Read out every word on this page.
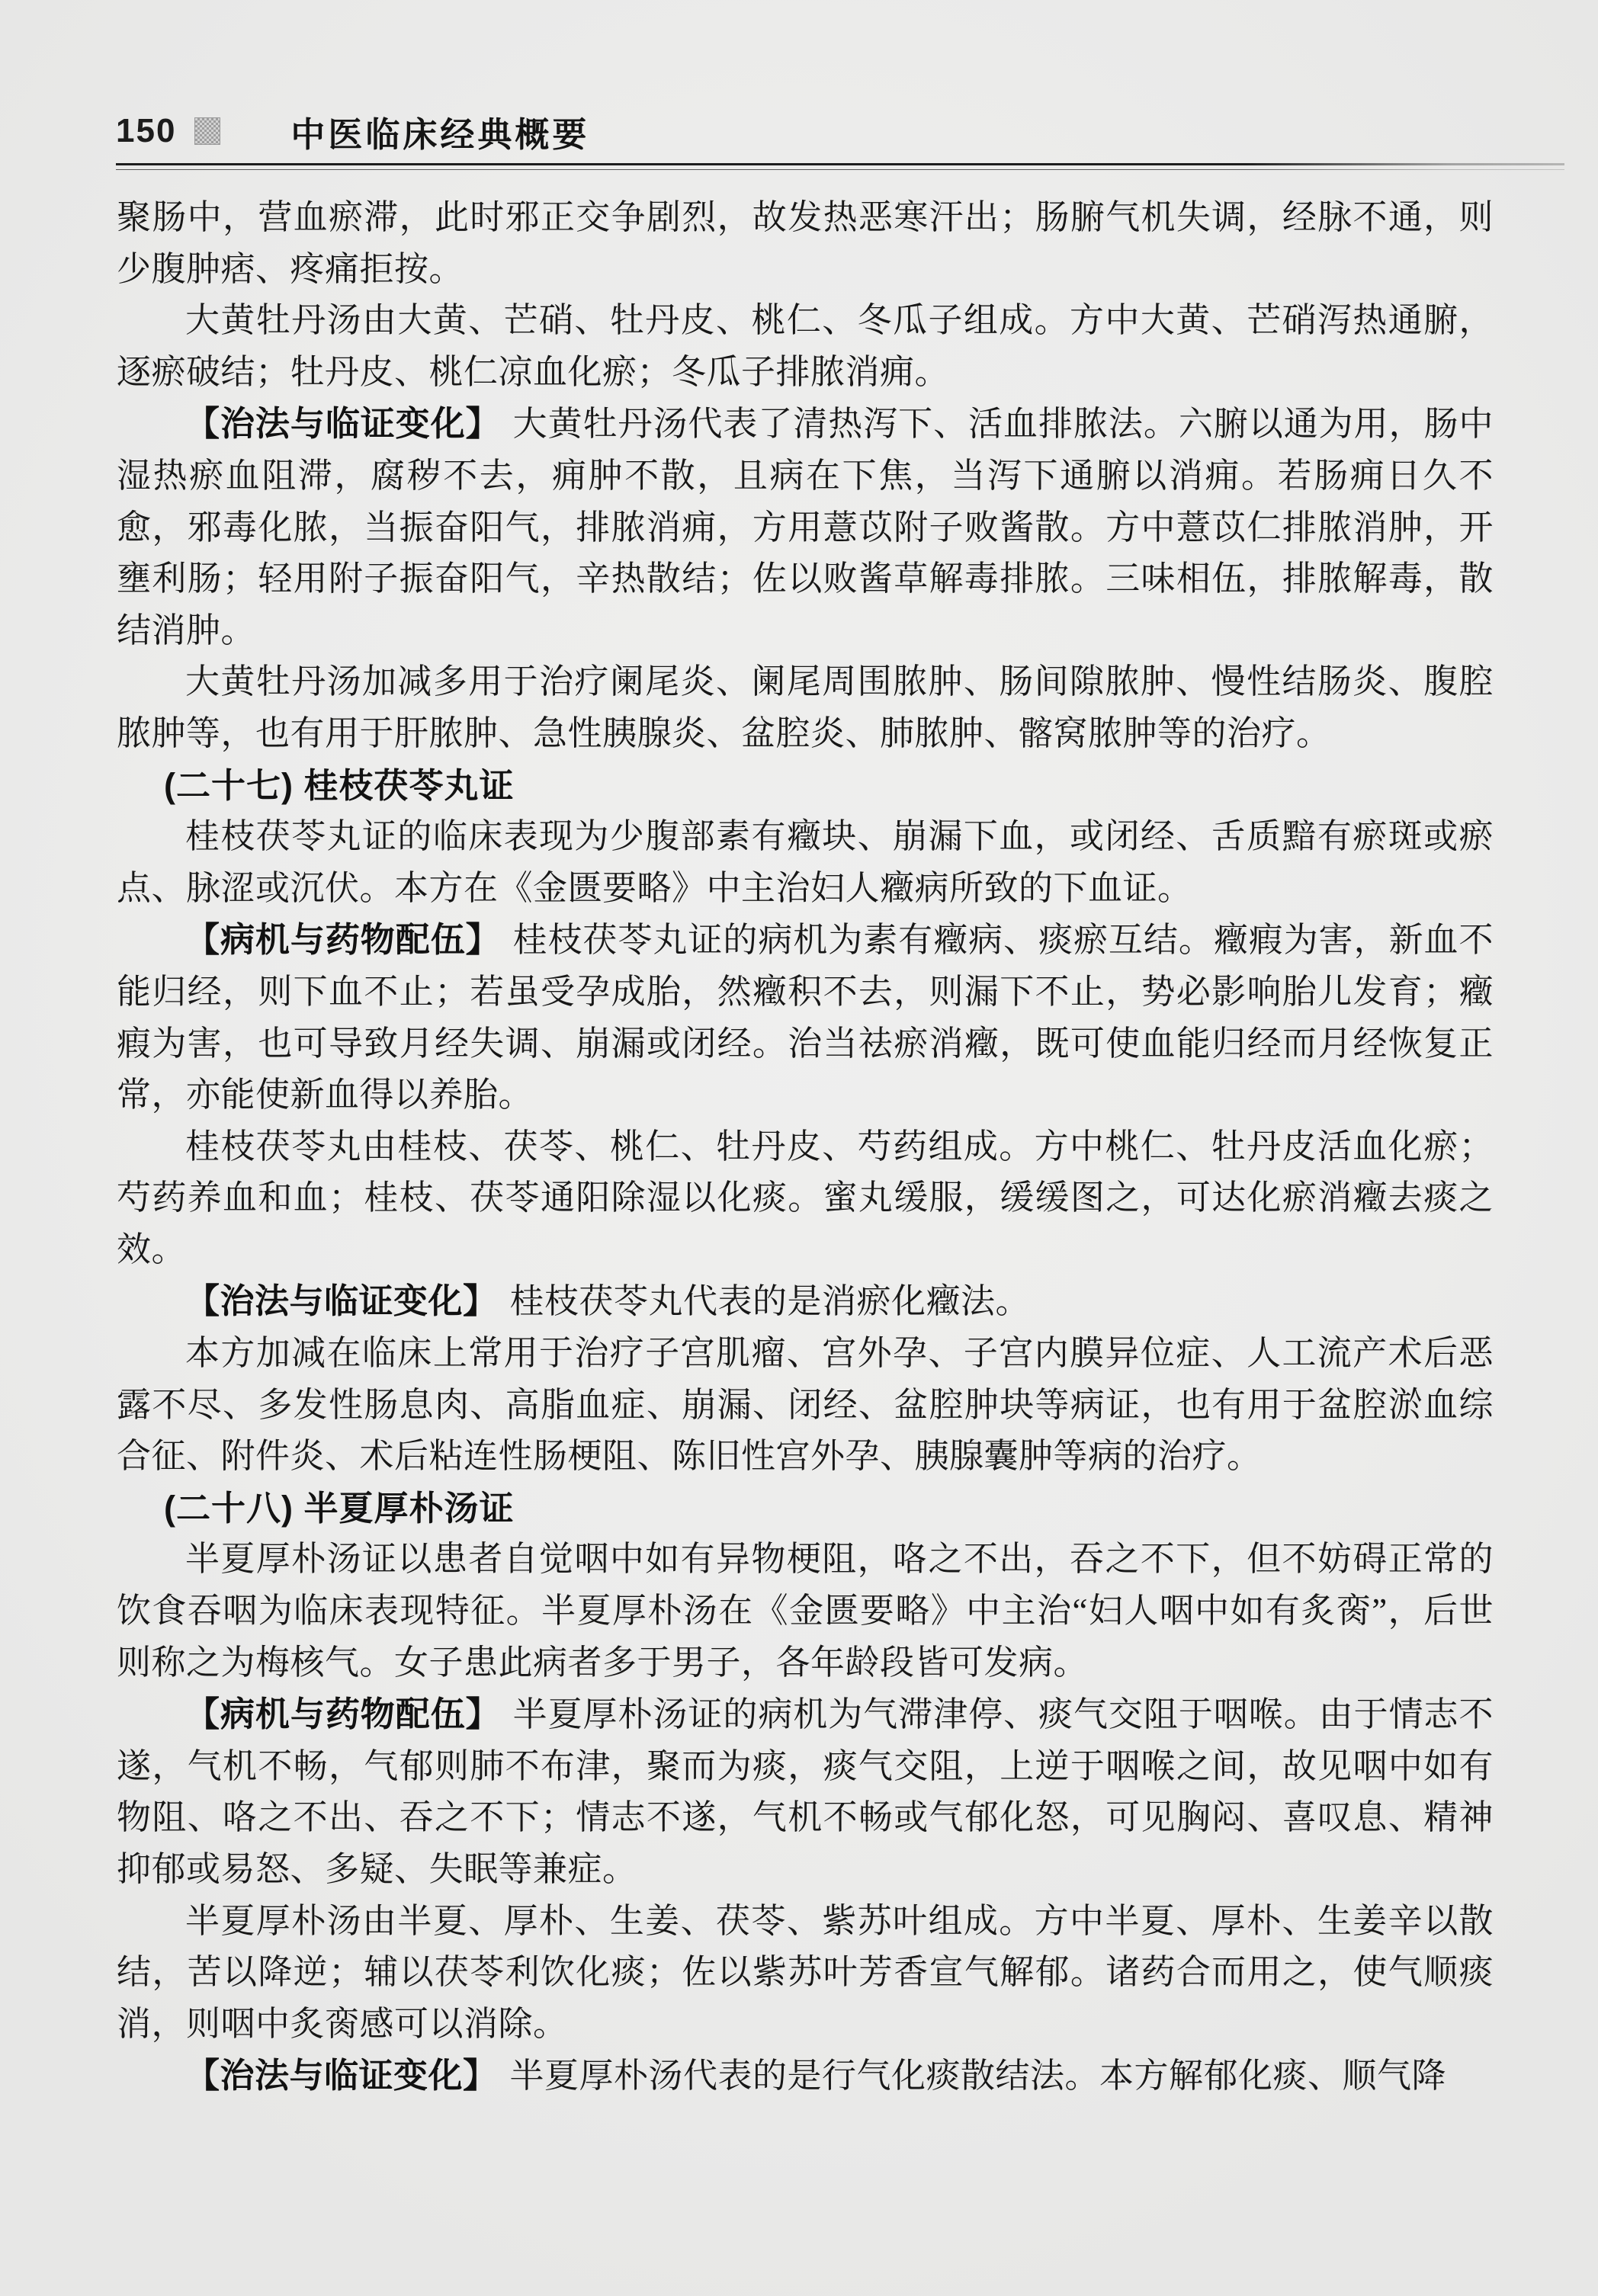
150	中医临床经典概要

聚肠中，营血瘀滞，此时邪正交争剧烈，故发热恶寒汗出；肠腑气机失调，经脉不通，则少腹肿痞、疼痛拒按。

大黄牡丹汤由大黄、芒硝、牡丹皮、桃仁、冬瓜子组成。方中大黄、芒硝泻热通腑，逐瘀破结；牡丹皮、桃仁凉血化瘀；冬瓜子排脓消痈。

【治法与临证变化】 大黄牡丹汤代表了清热泻下、活血排脓法。六腑以通为用，肠中湿热瘀血阻滞，腐秽不去，痈肿不散，且病在下焦，当泻下通腑以消痈。若肠痈日久不愈，邪毒化脓，当振奋阳气，排脓消痈，方用薏苡附子败酱散。方中薏苡仁排脓消肿，开壅利肠；轻用附子振奋阳气，辛热散结；佐以败酱草解毒排脓。三味相伍，排脓解毒，散结消肿。

大黄牡丹汤加减多用于治疗阑尾炎、阑尾周围脓肿、肠间隙脓肿、慢性结肠炎、腹腔脓肿等，也有用于肝脓肿、急性胰腺炎、盆腔炎、肺脓肿、髂窝脓肿等的治疗。

(二十七) 桂枝茯苓丸证

桂枝茯苓丸证的临床表现为少腹部素有癥块、崩漏下血，或闭经、舌质黯有瘀斑或瘀点、脉涩或沉伏。本方在《金匮要略》中主治妇人癥病所致的下血证。

【病机与药物配伍】 桂枝茯苓丸证的病机为素有癥病、痰瘀互结。癥瘕为害，新血不能归经，则下血不止；若虽受孕成胎，然癥积不去，则漏下不止，势必影响胎儿发育；癥瘕为害，也可导致月经失调、崩漏或闭经。治当祛瘀消癥，既可使血能归经而月经恢复正常，亦能使新血得以养胎。

桂枝茯苓丸由桂枝、茯苓、桃仁、牡丹皮、芍药组成。方中桃仁、牡丹皮活血化瘀；芍药养血和血；桂枝、茯苓通阳除湿以化痰。蜜丸缓服，缓缓图之，可达化瘀消癥去痰之效。

【治法与临证变化】 桂枝茯苓丸代表的是消瘀化癥法。

本方加减在临床上常用于治疗子宫肌瘤、宫外孕、子宫内膜异位症、人工流产术后恶露不尽、多发性肠息肉、高脂血症、崩漏、闭经、盆腔肿块等病证，也有用于盆腔淤血综合征、附件炎、术后粘连性肠梗阻、陈旧性宫外孕、胰腺囊肿等病的治疗。

(二十八) 半夏厚朴汤证

半夏厚朴汤证以患者自觉咽中如有异物梗阻，咯之不出，吞之不下，但不妨碍正常的饮食吞咽为临床表现特征。半夏厚朴汤在《金匮要略》中主治“妇人咽中如有炙脔”，后世则称之为梅核气。女子患此病者多于男子，各年龄段皆可发病。

【病机与药物配伍】 半夏厚朴汤证的病机为气滞津停、痰气交阻于咽喉。由于情志不遂，气机不畅，气郁则肺不布津，聚而为痰，痰气交阻，上逆于咽喉之间，故见咽中如有物阻、咯之不出、吞之不下；情志不遂，气机不畅或气郁化怒，可见胸闷、喜叹息、精神抑郁或易怒、多疑、失眠等兼症。

半夏厚朴汤由半夏、厚朴、生姜、茯苓、紫苏叶组成。方中半夏、厚朴、生姜辛以散结，苦以降逆；辅以茯苓利饮化痰；佐以紫苏叶芳香宣气解郁。诸药合而用之，使气顺痰消，则咽中炙脔感可以消除。

【治法与临证变化】 半夏厚朴汤代表的是行气化痰散结法。本方解郁化痰、顺气降
